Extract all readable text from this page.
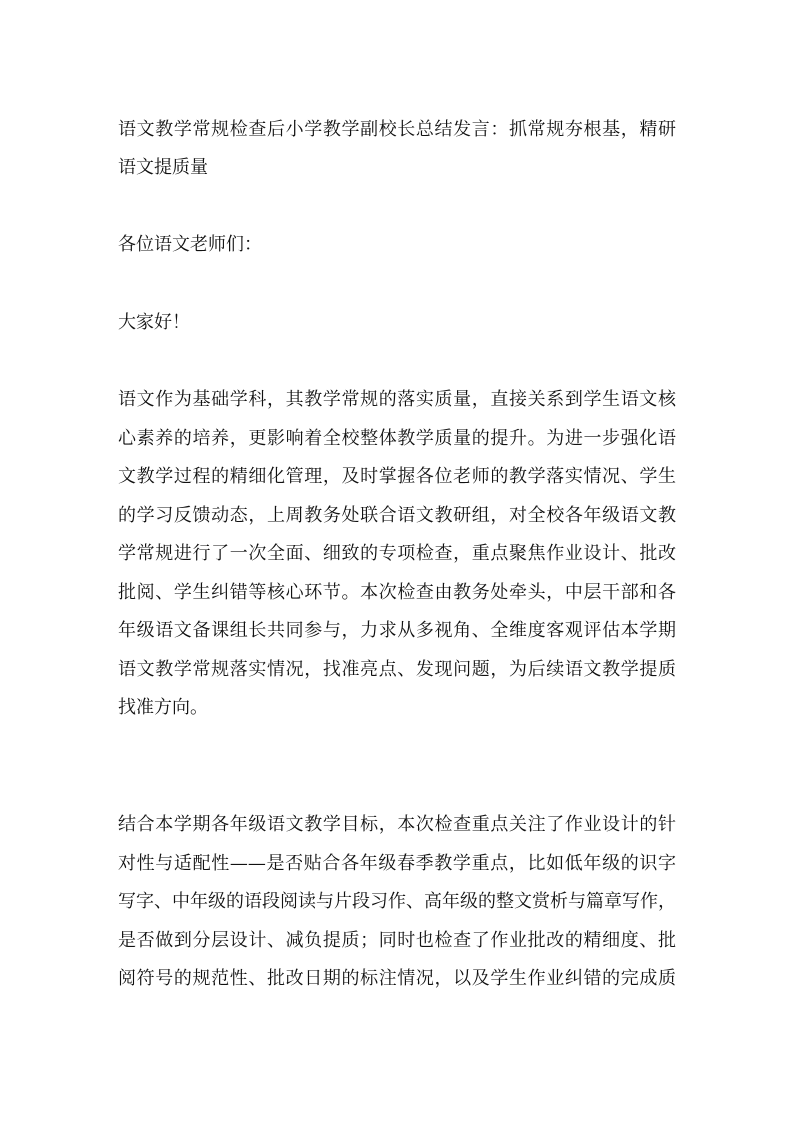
语文教学常规检查后小学教学副校长总结发言：抓常规夯根基，精研
语文提质量
各位语文老师们：
大家好！
语文作为基础学科，其教学常规的落实质量，直接关系到学生语文核
心素养的培养，更影响着全校整体教学质量的提升。为进一步强化语
文教学过程的精细化管理，及时掌握各位老师的教学落实情况、学生
的学习反馈动态，上周教务处联合语文教研组，对全校各年级语文教
学常规进行了一次全面、细致的专项检查，重点聚焦作业设计、批改
批阅、学生纠错等核心环节。本次检查由教务处牵头，中层干部和各
年级语文备课组长共同参与，力求从多视角、全维度客观评估本学期
语文教学常规落实情况，找准亮点、发现问题，为后续语文教学提质
找准方向。
结合本学期各年级语文教学目标，本次检查重点关注了作业设计的针
对性与适配性——是否贴合各年级春季教学重点，比如低年级的识字
写字、中年级的语段阅读与片段习作、高年级的整文赏析与篇章写作，
是否做到分层设计、减负提质；同时也检查了作业批改的精细度、批
阅符号的规范性、批改日期的标注情况，以及学生作业纠错的完成质
